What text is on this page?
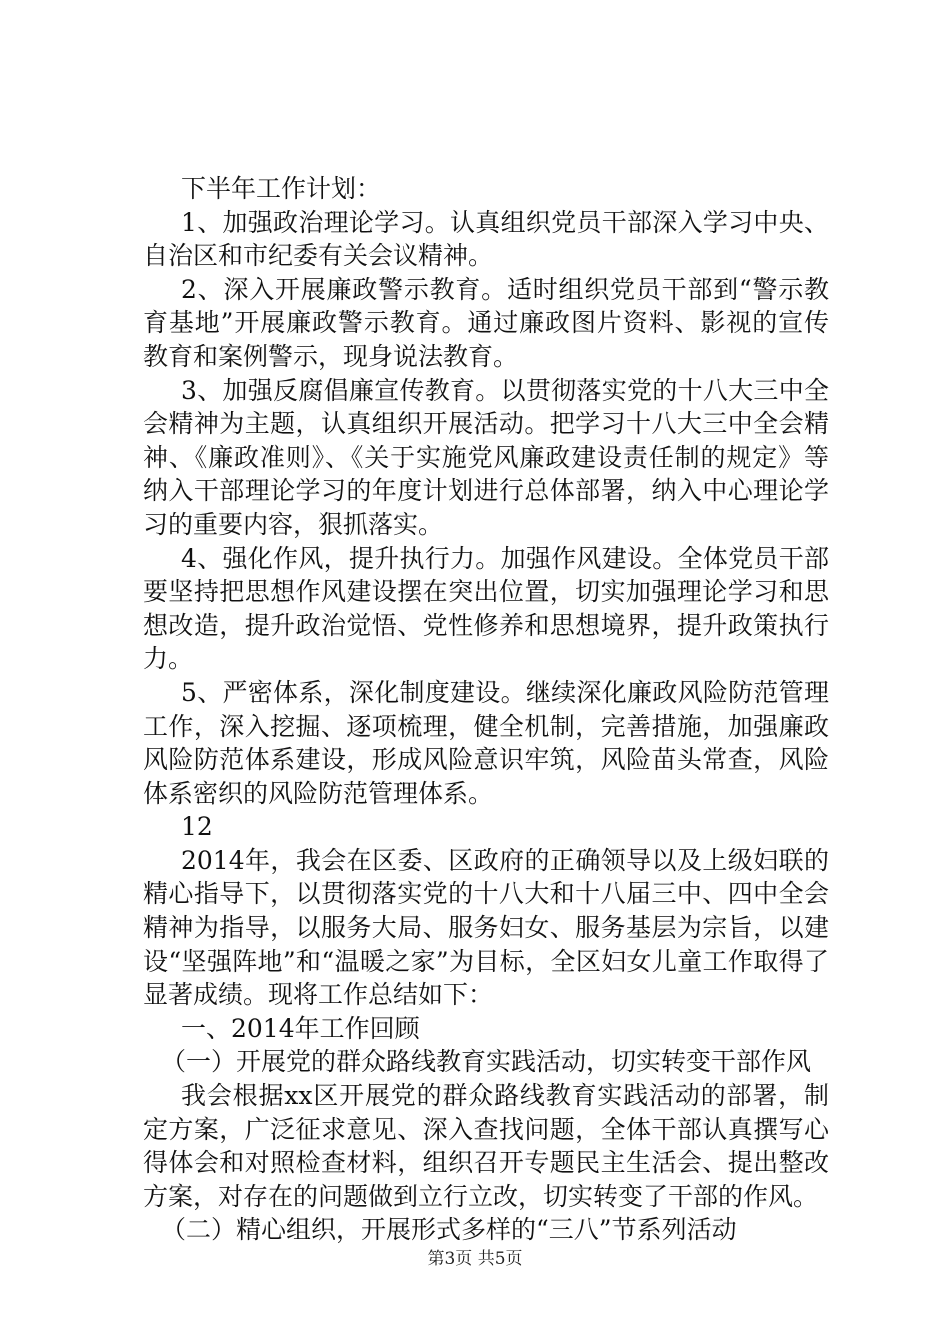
下半年工作计划：

1、加强政治理论学习。认真组织党员干部深入学习中央、自治区和市纪委有关会议精神。

2、深入开展廉政警示教育。适时组织党员干部到“警示教育基地”开展廉政警示教育。通过廉政图片资料、影视的宣传教育和案例警示，现身说法教育。

3、加强反腐倡廉宣传教育。以贯彻落实党的十八大三中全会精神为主题，认真组织开展活动。把学习十八大三中全会精神、《廉政准则》、《关于实施党风廉政建设责任制的规定》等纳入干部理论学习的年度计划进行总体部署，纳入中心理论学习的重要内容，狠抓落实。

4、强化作风，提升执行力。加强作风建设。全体党员干部要坚持把思想作风建设摆在突出位置，切实加强理论学习和思想改造，提升政治觉悟、党性修养和思想境界，提升政策执行力。

5、严密体系，深化制度建设。继续深化廉政风险防范管理工作，深入挖掘、逐项梳理，健全机制，完善措施，加强廉政风险防范体系建设，形成风险意识牢筑，风险苗头常查，风险体系密织的风险防范管理体系。

12

2014年，我会在区委、区政府的正确领导以及上级妇联的精心指导下，以贯彻落实党的十八大和十八届三中、四中全会精神为指导，以服务大局、服务妇女、服务基层为宗旨，以建设“坚强阵地”和“温暖之家”为目标，全区妇女儿童工作取得了显著成绩。现将工作总结如下：

一、2014年工作回顾

（一）开展党的群众路线教育实践活动，切实转变干部作风

我会根据xx区开展党的群众路线教育实践活动的部署，制定方案，广泛征求意见、深入查找问题，全体干部认真撰写心得体会和对照检查材料，组织召开专题民主生活会、提出整改方案，对存在的问题做到立行立改，切实转变了干部的作风。

（二）精心组织，开展形式多样的“三八”节系列活动

第3页 共5页
